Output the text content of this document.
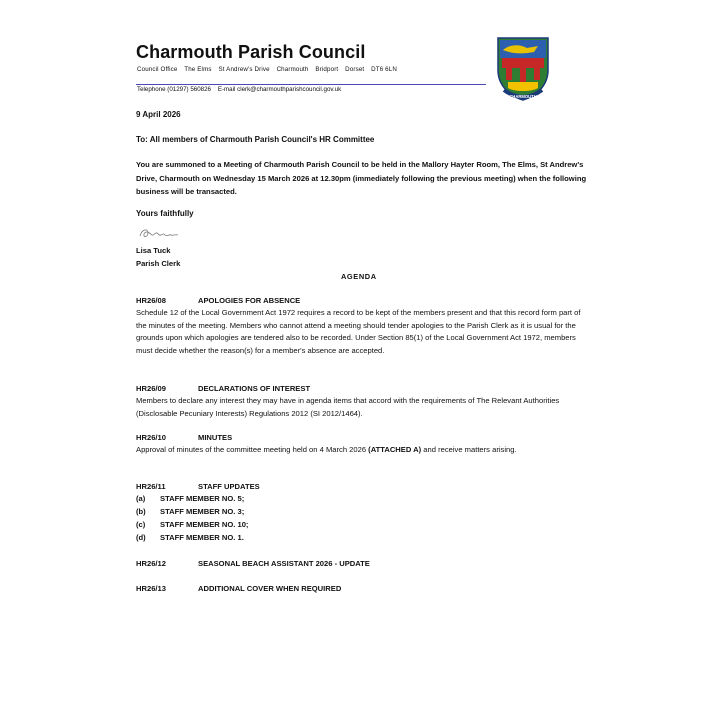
Charmouth Parish Council
Council Office The Elms St Andrew's Drive Charmouth Bridport Dorset DT6 6LN
Telephone (01297) 560826    E-mail clerk@charmouthparishcouncil.gov.uk
CHARMOUTH
9 April 2026
To: All members of Charmouth Parish Council's HR Committee
You are summoned to a Meeting of Charmouth Parish Council to be held in the Mallory Hayter Room, The Elms, St Andrew's Drive, Charmouth on Wednesday 15 March 2026 at 12.30pm (immediately following the previous meeting) when the following business will be transacted.
Yours faithfully
Lisa Tuck
Parish Clerk
AGENDA
HR26/08	APOLOGIES FOR ABSENCE
Schedule 12 of the Local Government Act 1972 requires a record to be kept of the members present and that this record form part of the minutes of the meeting. Members who cannot attend a meeting should tender apologies to the Parish Clerk as it is usual for the grounds upon which apologies are tendered also to be recorded. Under Section 85(1) of the Local Government Act 1972, members must decide whether the reason(s) for a member's absence are accepted.
HR26/09	DECLARATIONS OF INTEREST
Members to declare any interest they may have in agenda items that accord with the requirements of The Relevant Authorities (Disclosable Pecuniary Interests) Regulations 2012 (SI 2012/1464).
HR26/10	MINUTES
Approval of minutes of the committee meeting held on 4 March 2026 (ATTACHED A) and receive matters arising.
HR26/11	STAFF UPDATES
(a) STAFF MEMBER NO. 5;
(b) STAFF MEMBER NO. 3;
(c) STAFF MEMBER NO. 10;
(d) STAFF MEMBER NO. 1.
HR26/12	SEASONAL BEACH ASSISTANT 2026 - UPDATE
HR26/13	ADDITIONAL COVER WHEN REQUIRED
